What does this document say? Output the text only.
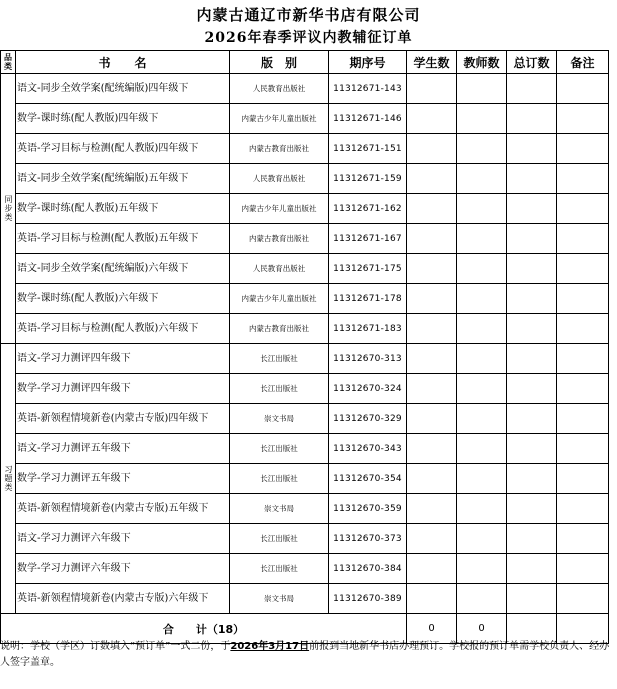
内蒙古通辽市新华书店有限公司
2026年春季评议内教辅征订单
品类	书　　名	版　别	期序号	学生数	教师数	总订数	备注

同步类	语文-同步全效学案(配统编版)四年级下	人民教育出版社	11312671-143				
	数学-课时练(配人教版)四年级下	内蒙古少年儿童出版社	11312671-146				
	英语-学习目标与检测(配人教版)四年级下	内蒙古教育出版社	11312671-151				
	语文-同步全效学案(配统编版)五年级下	人民教育出版社	11312671-159				
	数学-课时练(配人教版)五年级下	内蒙古少年儿童出版社	11312671-162				
	英语-学习目标与检测(配人教版)五年级下	内蒙古教育出版社	11312671-167				
	语文-同步全效学案(配统编版)六年级下	人民教育出版社	11312671-175				
	数学-课时练(配人教版)六年级下	内蒙古少年儿童出版社	11312671-178				
	英语-学习目标与检测(配人教版)六年级下	内蒙古教育出版社	11312671-183				

习题类	语文-学习力测评四年级下	长江出版社	11312670-313				
	数学-学习力测评四年级下	长江出版社	11312670-324				
	英语-新领程情境新卷(内蒙古专版)四年级下	崇文书局	11312670-329				
	语文-学习力测评五年级下	长江出版社	11312670-343				
	数学-学习力测评五年级下	长江出版社	11312670-354				
	英语-新领程情境新卷(内蒙古专版)五年级下	崇文书局	11312670-359				
	语文-学习力测评六年级下	长江出版社	11312670-373				
	数学-学习力测评六年级下	长江出版社	11312670-384				
	英语-新领程情境新卷(内蒙古专版)六年级下	崇文书局	11312670-389				
合　　计（18）				0	0		
说明：学校（学区）订数填入“预订单”一式二份，于2026年3月17日前报到当地新华书店办理预订。学校报的预订单需学校负责人、经办人签字盖章。
